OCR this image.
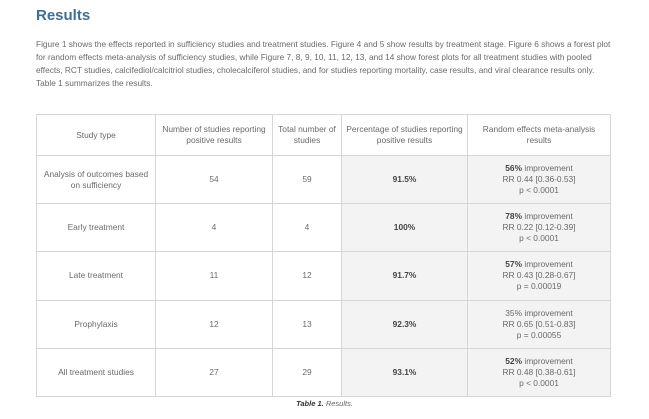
Results
Figure 1 shows the effects reported in sufficiency studies and treatment studies. Figure 4 and 5 show results by treatment stage. Figure 6 shows a forest plot for random effects meta-analysis of sufficiency studies, while Figure 7, 8, 9, 10, 11, 12, 13, and 14 show forest plots for all treatment studies with pooled effects, RCT studies, calcifediol/calcitriol studies, cholecalciferol studies, and for studies reporting mortality, case results, and viral clearance results only. Table 1 summarizes the results.
Study type	Number of studies reporting positive results	Total number of studies	Percentage of studies reporting positive results	Random effects meta-analysis results
Analysis of outcomes based on sufficiency	54	59	91.5%	56% improvement
RR 0.44 [0.36-0.53]
p < 0.0001

Early treatment	4	4	100%	78% improvement
RR 0.22 [0.12-0.39]
p < 0.0001

Late treatment	11	12	91.7%	57% improvement
RR 0.43 [0.28-0.67]
p = 0.00019

Prophylaxis	12	13	92.3%	35% improvement
RR 0.65 [0.51-0.83]
p = 0.00055

All treatment studies	27	29	93.1%	52% improvement
RR 0.48 [0.38-0.61]
p < 0.0001
Table 1. Results.
